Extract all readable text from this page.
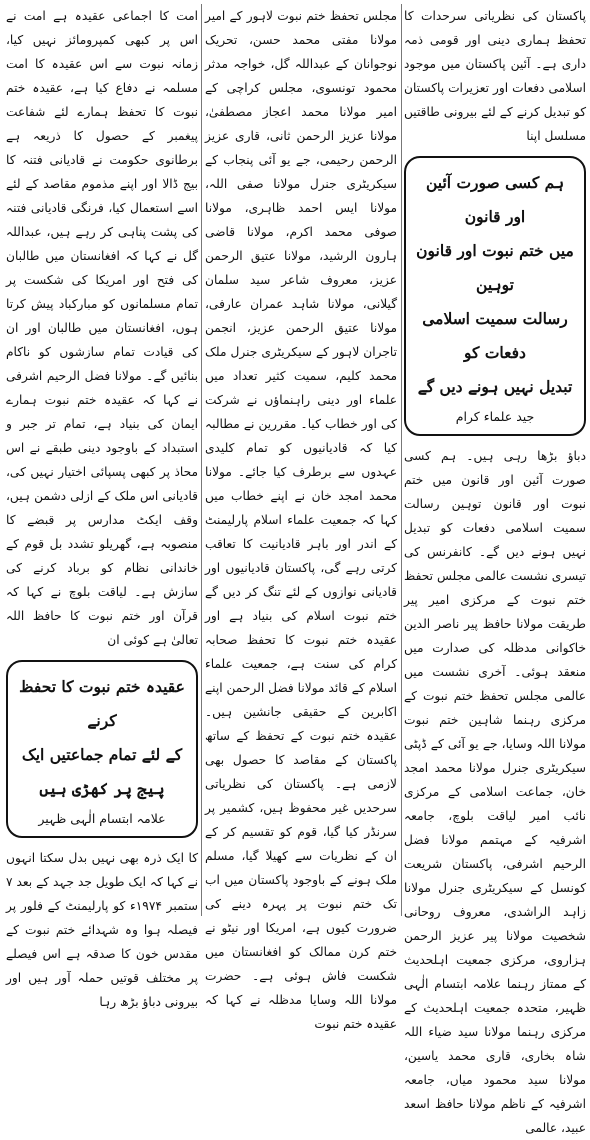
پاکستان کی نظریاتی سرحدات کا تحفظ ہماری دینی اور قومی ذمہ داری ہے۔ آئین پاکستان میں موجود اسلامی دفعات اور تعزیرات پاکستان کو تبدیل کرنے کے لئے بیرونی طاقتیں مسلسل اپنا

ہم کسی صورت آئین اور قانون
میں ختم نبوت اور قانون توہین
رسالت سمیت اسلامی دفعات کو
تبدیل نہیں ہونے دیں گے
جید علماء کرام

دباؤ بڑھا رہی ہیں۔ ہم کسی صورت آئین اور قانون میں ختم نبوت اور قانون توہین رسالت سمیت اسلامی دفعات کو تبدیل نہیں ہونے دیں گے۔ کانفرنس کی تیسری نشست عالمی مجلس تحفظ ختم نبوت کے مرکزی امیر پیر طریقت مولانا حافظ پیر ناصر الدین خاکوانی مدظلہ کی صدارت میں منعقد ہوئی۔ آخری نشست میں عالمی مجلس تحفظ ختم نبوت کے مرکزی رہنما شاہین ختم نبوت مولانا اللہ وسایا، جے یو آئی کے ڈپٹی سیکریٹری جنرل مولانا محمد امجد خان، جماعت اسلامی کے مرکزی نائب امیر لیاقت بلوچ، جامعہ اشرفیہ کے مہتمم مولانا فضل الرحیم اشرفی، پاکستان شریعت کونسل کے سیکریٹری جنرل مولانا زاہد الراشدی، معروف روحانی شخصیت مولانا پیر عزیز الرحمن ہزاروی، مرکزی جمعیت اہلحدیث کے ممتاز رہنما علامہ ابتسام الٰہی ظہیر، متحدہ جمعیت اہلحدیث کے مرکزی رہنما مولانا سید ضیاء اللہ شاہ بخاری، قاری محمد یاسین، مولانا سید محمود میاں، جامعہ اشرفیہ کے ناظم مولانا حافظ اسعد عبید، عالمی

مجلس تحفظ ختم نبوت لاہور کے امیر مولانا مفتی محمد حسن، تحریک نوجوانان کے عبداللہ گل، خواجہ مدثر محمود تونسوی، مجلس کراچی کے امیر مولانا محمد اعجاز مصطفیٰ، مولانا عزیز الرحمن ثانی، قاری عزیز الرحمن رحیمی، جے یو آئی پنجاب کے سیکریٹری جنرل مولانا صفی اللہ، مولانا ایس احمد ظاہری، مولانا صوفی محمد اکرم، مولانا قاضی ہارون الرشید، مولانا عتیق الرحمن عزیز، معروف شاعر سید سلمان گیلانی، مولانا شاہد عمران عارفی، مولانا عتیق الرحمن عزیز، انجمن تاجران لاہور کے سیکریٹری جنرل ملک محمد کلیم، سمیت کثیر تعداد میں علماء اور دینی راہنماؤں نے شرکت کی اور خطاب کیا۔ مقررین نے مطالبہ کیا کہ قادیانیوں کو تمام کلیدی عہدوں سے برطرف کیا جائے۔ مولانا محمد امجد خان نے اپنے خطاب میں کہا کہ جمعیت علماء اسلام پارلیمنٹ کے اندر اور باہر قادیانیت کا تعاقب کرتی رہے گی، پاکستان قادیانیوں اور قادیانی نوازوں کے لئے تنگ کر دیں گے ختم نبوت اسلام کی بنیاد ہے اور عقیدہ ختم نبوت کا تحفظ صحابہ کرام کی سنت ہے، جمعیت علماء اسلام کے قائد مولانا فضل الرحمن اپنے اکابرین کے حقیقی جانشین ہیں۔ عقیدہ ختم نبوت کے تحفظ کے ساتھ پاکستان کے مقاصد کا حصول بھی لازمی ہے۔ پاکستان کی نظریاتی سرحدیں غیر محفوظ ہیں، کشمیر پر سرنڈر کیا گیا، قوم کو تقسیم کر کے ان کے نظریات سے کھیلا گیا، مسلم ملک ہونے کے باوجود پاکستان میں اب تک ختم نبوت پر پہرہ دینے کی ضرورت کیوں ہے، امریکا اور نیٹو نے ختم کرن ممالک کو افغانستان میں شکست فاش ہوئی ہے۔ حضرت مولانا اللہ وسایا مدظلہ نے کہا کہ عقیدہ ختم نبوت

امت کا اجماعی عقیدہ ہے امت نے اس پر کبھی کمپرومائز نہیں کیا، زمانہ نبوت سے اس عقیدہ کا امت مسلمہ نے دفاع کیا ہے، عقیدہ ختم نبوت کا تحفظ ہمارے لئے شفاعت پیغمبر کے حصول کا ذریعہ ہے برطانوی حکومت نے قادیانی فتنہ کا بیج ڈالا اور اپنے مذموم مقاصد کے لئے اسے استعمال کیا، فرنگی قادیانی فتنہ کی پشت پناہی کر رہے ہیں، عبداللہ گل نے کہا کہ افغانستان میں طالبان کی فتح اور امریکا کی شکست پر تمام مسلمانوں کو مبارکباد پیش کرتا ہوں، افغانستان میں طالبان اور ان کی قیادت تمام سازشوں کو ناکام بنائیں گے۔ مولانا فضل الرحیم اشرفی نے کہا کہ عقیدہ ختم نبوت ہمارے ایمان کی بنیاد ہے، تمام تر جبر و استبداد کے باوجود دینی طبقے نے اس محاذ پر کبھی پسپائی اختیار نہیں کی، قادیانی اس ملک کے ازلی دشمن ہیں، وقف ایکٹ مدارس پر قبضے کا منصوبہ ہے، گھریلو تشدد بل قوم کے خاندانی نظام کو برباد کرنے کی سازش ہے۔ لیاقت بلوچ نے کہا کہ قرآن اور ختم نبوت کا حافظ اللہ تعالیٰ ہے کوئی ان

عقیدہ ختم نبوت کا تحفظ کرنے
کے لئے تمام جماعتیں ایک
پیج پر کھڑی ہیں
علامہ ابتسام الٰہی ظہیر

کا ایک ذرہ بھی نہیں بدل سکتا انہوں نے کہا کہ ایک طویل جد جہد کے بعد ۷ ستمبر ۱۹۷۴ء کو پارلیمنٹ کے فلور پر فیصلہ ہوا وہ شہدائے ختم نبوت کے مقدس خون کا صدقہ ہے اس فیصلے پر مختلف قوتیں حملہ آور ہیں اور بیرونی دباؤ بڑھ رہا
